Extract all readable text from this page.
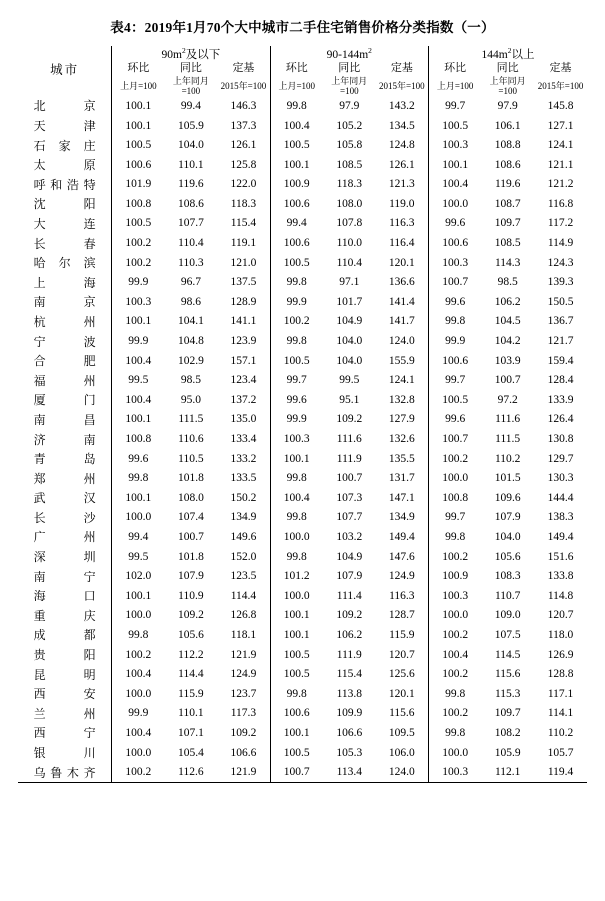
表4：2019年1月70个大中城市二手住宅销售价格分类指数（一）
城市	$90m^2$及以下			$90-144m^2$			$144m^2$以上		
	环比	同比	定基	环比	同比	定基	环比	同比	定基
	上月=100	上年同月=100	2015年=100	上月=100	上年同月=100	2015年=100	上月=100	上年同月=100	2015年=100
北京	100.1	99.4	146.3	99.8	97.9	143.2	99.7	97.9	145.8
天津	100.1	105.9	137.3	100.4	105.2	134.5	100.5	106.1	127.1
石家庄	100.5	104.0	126.1	100.5	105.8	124.8	100.3	108.8	124.1
太原	100.6	110.1	125.8	100.1	108.5	126.1	100.1	108.6	121.1
呼和浩特	101.9	119.6	122.0	100.9	118.3	121.3	100.4	119.6	121.2
沈阳	100.8	108.6	118.3	100.6	108.0	119.0	100.0	108.7	116.8
大连	100.5	107.7	115.4	99.4	107.8	116.3	99.6	109.7	117.2
长春	100.2	110.4	119.1	100.6	110.0	116.4	100.6	108.5	114.9
哈尔滨	100.2	110.3	121.0	100.5	110.4	120.1	100.3	114.3	124.3
上海	99.9	96.7	137.5	99.8	97.1	136.6	100.7	98.5	139.3
南京	100.3	98.6	128.9	99.9	101.7	141.4	99.6	106.2	150.5
杭州	100.1	104.1	141.1	100.2	104.9	141.7	99.8	104.5	136.7
宁波	99.9	104.8	123.9	99.8	104.0	124.0	99.9	104.2	121.7
合肥	100.4	102.9	157.1	100.5	104.0	155.9	100.6	103.9	159.4
福州	99.5	98.5	123.4	99.7	99.5	124.1	99.7	100.7	128.4
厦门	100.4	95.0	137.2	99.6	95.1	132.8	100.5	97.2	133.9
南昌	100.1	111.5	135.0	99.9	109.2	127.9	99.6	111.6	126.4
济南	100.8	110.6	133.4	100.3	111.6	132.6	100.7	111.5	130.8
青岛	99.6	110.5	133.2	100.1	111.9	135.5	100.2	110.2	129.7
郑州	99.8	101.8	133.5	99.8	100.7	131.7	100.0	101.5	130.3
武汉	100.1	108.0	150.2	100.4	107.3	147.1	100.8	109.6	144.4
长沙	100.0	107.4	134.9	99.8	107.7	134.9	99.7	107.9	138.3
广州	99.4	100.7	149.6	100.0	103.2	149.4	99.8	104.0	149.4
深圳	99.5	101.8	152.0	99.8	104.9	147.6	100.2	105.6	151.6
南宁	102.0	107.9	123.5	101.2	107.9	124.9	100.9	108.3	133.8
海口	100.1	110.9	114.4	100.0	111.4	116.3	100.3	110.7	114.8
重庆	100.0	109.2	126.8	100.1	109.2	128.7	100.0	109.0	120.7
成都	99.8	105.6	118.1	100.1	106.2	115.9	100.2	107.5	118.0
贵阳	100.2	112.2	121.9	100.5	111.9	120.7	100.4	114.5	126.9
昆明	100.4	114.4	124.9	100.5	115.4	125.6	100.2	115.6	128.8
西安	100.0	115.9	123.7	99.8	113.8	120.1	99.8	115.3	117.1
兰州	99.9	110.1	117.3	100.6	109.9	115.6	100.2	109.7	114.1
西宁	100.4	107.1	109.2	100.1	106.6	109.5	99.8	108.2	110.2
银川	100.0	105.4	106.6	100.5	105.3	106.0	100.0	105.9	105.7
乌鲁木齐	100.2	112.6	121.9	100.7	113.4	124.0	100.3	112.1	119.4
